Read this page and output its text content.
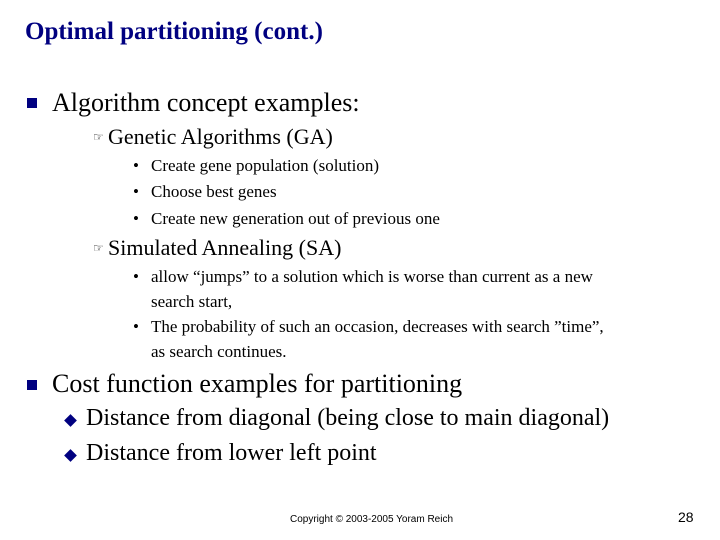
Optimal partitioning (cont.)
Algorithm concept examples:
☞ Genetic Algorithms (GA)
• Create gene population (solution)
• Choose best genes
• Create new generation out of previous one
☞ Simulated Annealing (SA)
• allow “jumps” to a solution which is worse than current as a new
search start,
• The probability of such an occasion, decreases with search ”time”,
as search continues.
Cost function examples for partitioning
Distance from diagonal (being close to main diagonal)
Distance from lower left point
Copyright © 2003-2005 Yoram Reich	28
